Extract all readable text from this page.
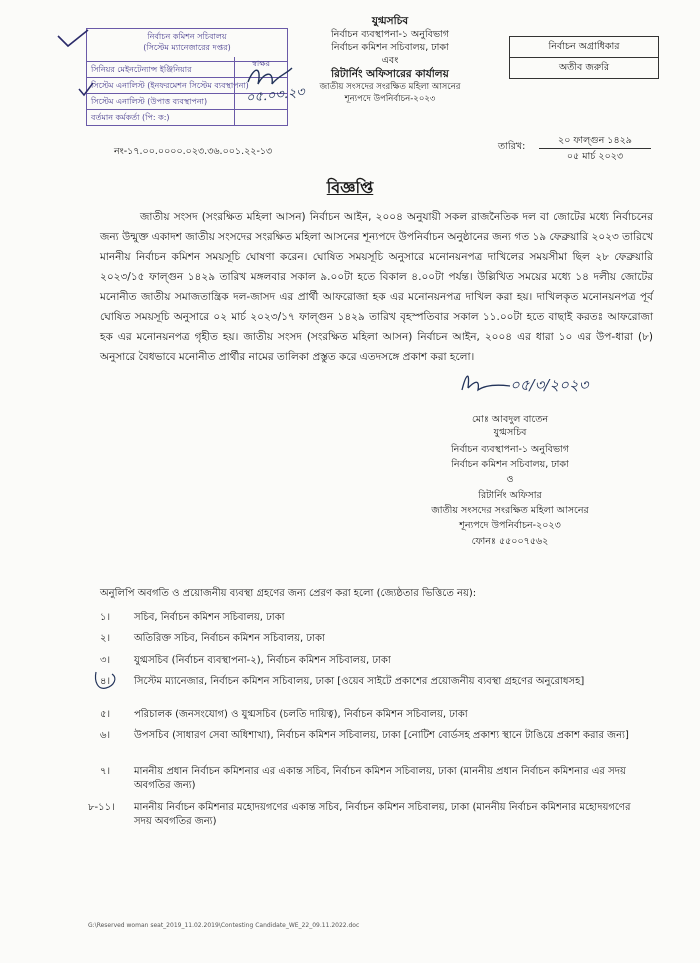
নির্বাচন কমিশন সচিবালয়
(সিস্টেম ম্যানেজারের দপ্তর)
সিনিয়র মেইনটেন্যান্স ইঞ্জিনিয়ার
সিস্টেম এনালিস্ট (ইনফরমেশন সিস্টেম ব্যবস্থাপনা)
সিস্টেম এনালিস্ট (উপাত্ত ব্যবস্থাপনা)
বর্তমান কর্মকর্তা (পি: ক:)
স্বাক্ষর
০৫.০৩.২৩
যুগ্মসচিব
নির্বাচন ব্যবস্থাপনা-১ অনুবিভাগ
নির্বাচন কমিশন সচিবালয়, ঢাকা
এবং
রিটার্নিং অফিসারের কার্যালয়
জাতীয় সংসদের সংরক্ষিত মহিলা আসনের
শূন্যপদে উপনির্বাচন-২০২৩
নির্বাচন অগ্রাধিকার
অতীব জরুরি
নং-১৭.০০.০০০০.০২৩.৩৬.০০১.২২-১৩	তারিখ:
২০ ফাল্গুন ১৪২৯
০৫ মার্চ ২০২৩
বিজ্ঞপ্তি
জাতীয় সংসদ (সংরক্ষিত মহিলা আসন) নির্বাচন আইন, ২০০৪ অনুযায়ী সকল রাজনৈতিক দল বা জোটের মধ্যে নির্বাচনের জন্য উন্মুক্ত একাদশ জাতীয় সংসদের সংরক্ষিত মহিলা আসনের শূন্যপদে উপনির্বাচন অনুষ্ঠানের জন্য গত ১৯ ফেব্রুয়ারি ২০২৩ তারিখে মাননীয় নির্বাচন কমিশন সময়সূচি ঘোষণা করেন। ঘোষিত সময়সূচি অনুসারে মনোনয়নপত্র দাখিলের সময়সীমা ছিল ২৮ ফেব্রুয়ারি ২০২৩/১৫ ফাল্গুন ১৪২৯ তারিখ মঙ্গলবার সকাল ৯.০০টা হতে বিকাল ৪.০০টা পর্যন্ত। উল্লিখিত সময়ের মধ্যে ১৪ দলীয় জোটের মনোনীত জাতীয় সমাজতান্ত্রিক দল-জাসদ এর প্রার্থী আফরোজা হক এর মনোনয়নপত্র দাখিল করা হয়। দাখিলকৃত মনোনয়নপত্র পূর্ব ঘোষিত সময়সূচি অনুসারে ০২ মার্চ ২০২৩/১৭ ফাল্গুন ১৪২৯ তারিখ বৃহস্পতিবার সকাল ১১.০০টা হতে বাছাই করতঃ আফরোজা হক এর মনোনয়নপত্র গৃহীত হয়। জাতীয় সংসদ (সংরক্ষিত মহিলা আসন) নির্বাচন আইন, ২০০৪ এর ধারা ১০ এর উপ-ধারা (৮) অনুসারে বৈধভাবে মনোনীত প্রার্থীর নামের তালিকা প্রস্তুত করে এতদসঙ্গে প্রকাশ করা হলো।
০৫/৩/২০২৩
মোঃ আবদুল বাতেন
যুগ্মসচিব
নির্বাচন ব্যবস্থাপনা-১ অনুবিভাগ
নির্বাচন কমিশন সচিবালয়, ঢাকা
ও
রিটার্নিং অফিসার
জাতীয় সংসদের সংরক্ষিত মহিলা আসনের
শূন্যপদে উপনির্বাচন-২০২৩
ফোনঃ ৫৫০০৭৫৬২
অনুলিপি অবগতি ও প্রয়োজনীয় ব্যবস্থা গ্রহণের জন্য প্রেরণ করা হলো (জ্যেষ্ঠতার ভিত্তিতে নয়):
১।	সচিব, নির্বাচন কমিশন সচিবালয়, ঢাকা
২।	অতিরিক্ত সচিব, নির্বাচন কমিশন সচিবালয়, ঢাকা
৩।	যুগ্মসচিব (নির্বাচন ব্যবস্থাপনা-২), নির্বাচন কমিশন সচিবালয়, ঢাকা
৪।	সিস্টেম ম্যানেজার, নির্বাচন কমিশন সচিবালয়, ঢাকা [ওয়েব সাইটে প্রকাশের প্রয়োজনীয় ব্যবস্থা গ্রহণের অনুরোধসহ]
৫।	পরিচালক (জনসংযোগ) ও যুগ্মসচিব (চলতি দায়িত্ব), নির্বাচন কমিশন সচিবালয়, ঢাকা
৬।	উপসচিব (সাধারণ সেবা অধিশাখা), নির্বাচন কমিশন সচিবালয়, ঢাকা [নোটিশ বোর্ডসহ প্রকাশ্য স্থানে টাঙিয়ে প্রকাশ করার জন্য]
৭।	মাননীয় প্রধান নির্বাচন কমিশনার এর একান্ত সচিব, নির্বাচন কমিশন সচিবালয়, ঢাকা (মাননীয় প্রধান নির্বাচন কমিশনার এর সদয় অবগতির জন্য)
৮-১১।	মাননীয় নির্বাচন কমিশনার মহোদয়গণের একান্ত সচিব, নির্বাচন কমিশন সচিবালয়, ঢাকা (মাননীয় নির্বাচন কমিশনার মহোদয়গণের সদয় অবগতির জন্য)
G:\Reserved woman seat_2019_11.02.2019\Contesting Candidate_WE_22_09.11.2022.doc
